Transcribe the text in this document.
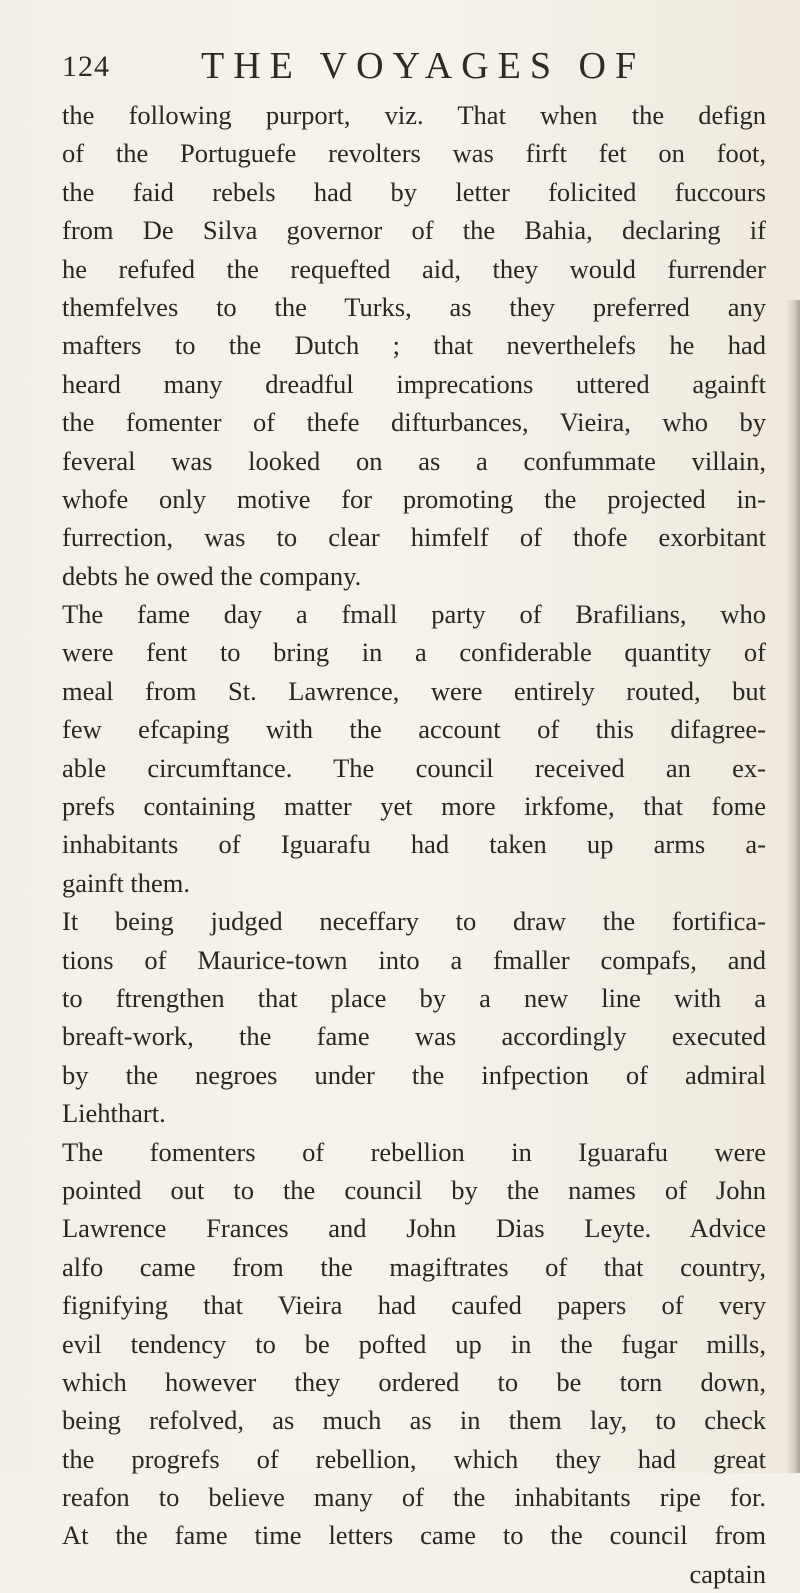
124 THE VOYAGES OF
the following purport, viz. That when the defign
of the Portuguefe revolters was firft fet on foot,
the faid rebels had by letter folicited fuccours
from De Silva governor of the Bahia, declaring if
he refufed the requefted aid, they would furrender
themfelves to the Turks, as they preferred any
mafters to the Dutch ; that neverthelefs he had
heard many dreadful imprecations uttered againft
the fomenter of thefe difturbances, Vieira, who by
feveral was looked on as a confummate villain,
whofe only motive for promoting the projected in-
furrection, was to clear himfelf of thofe exorbitant
debts he owed the company.
The fame day a fmall party of Brafilians, who
were fent to bring in a confiderable quantity of
meal from St. Lawrence, were entirely routed, but
few efcaping with the account of this difagree-
able circumftance. The council received an ex-
prefs containing matter yet more irkfome, that fome
inhabitants of Iguarafu had taken up arms a-
gainft them.
It being judged neceffary to draw the fortifica-
tions of Maurice-town into a fmaller compafs, and
to ftrengthen that place by a new line with a
breaft-work, the fame was accordingly executed
by the negroes under the infpection of admiral
Liehthart.
The fomenters of rebellion in Iguarafu were
pointed out to the council by the names of John
Lawrence Frances and John Dias Leyte. Advice
alfo came from the magiftrates of that country,
fignifying that Vieira had caufed papers of very
evil tendency to be pofted up in the fugar mills,
which however they ordered to be torn down,
being refolved, as much as in them lay, to check
the progrefs of rebellion, which they had great
reafon to believe many of the inhabitants ripe for.
At the fame time letters came to the council from
captain
